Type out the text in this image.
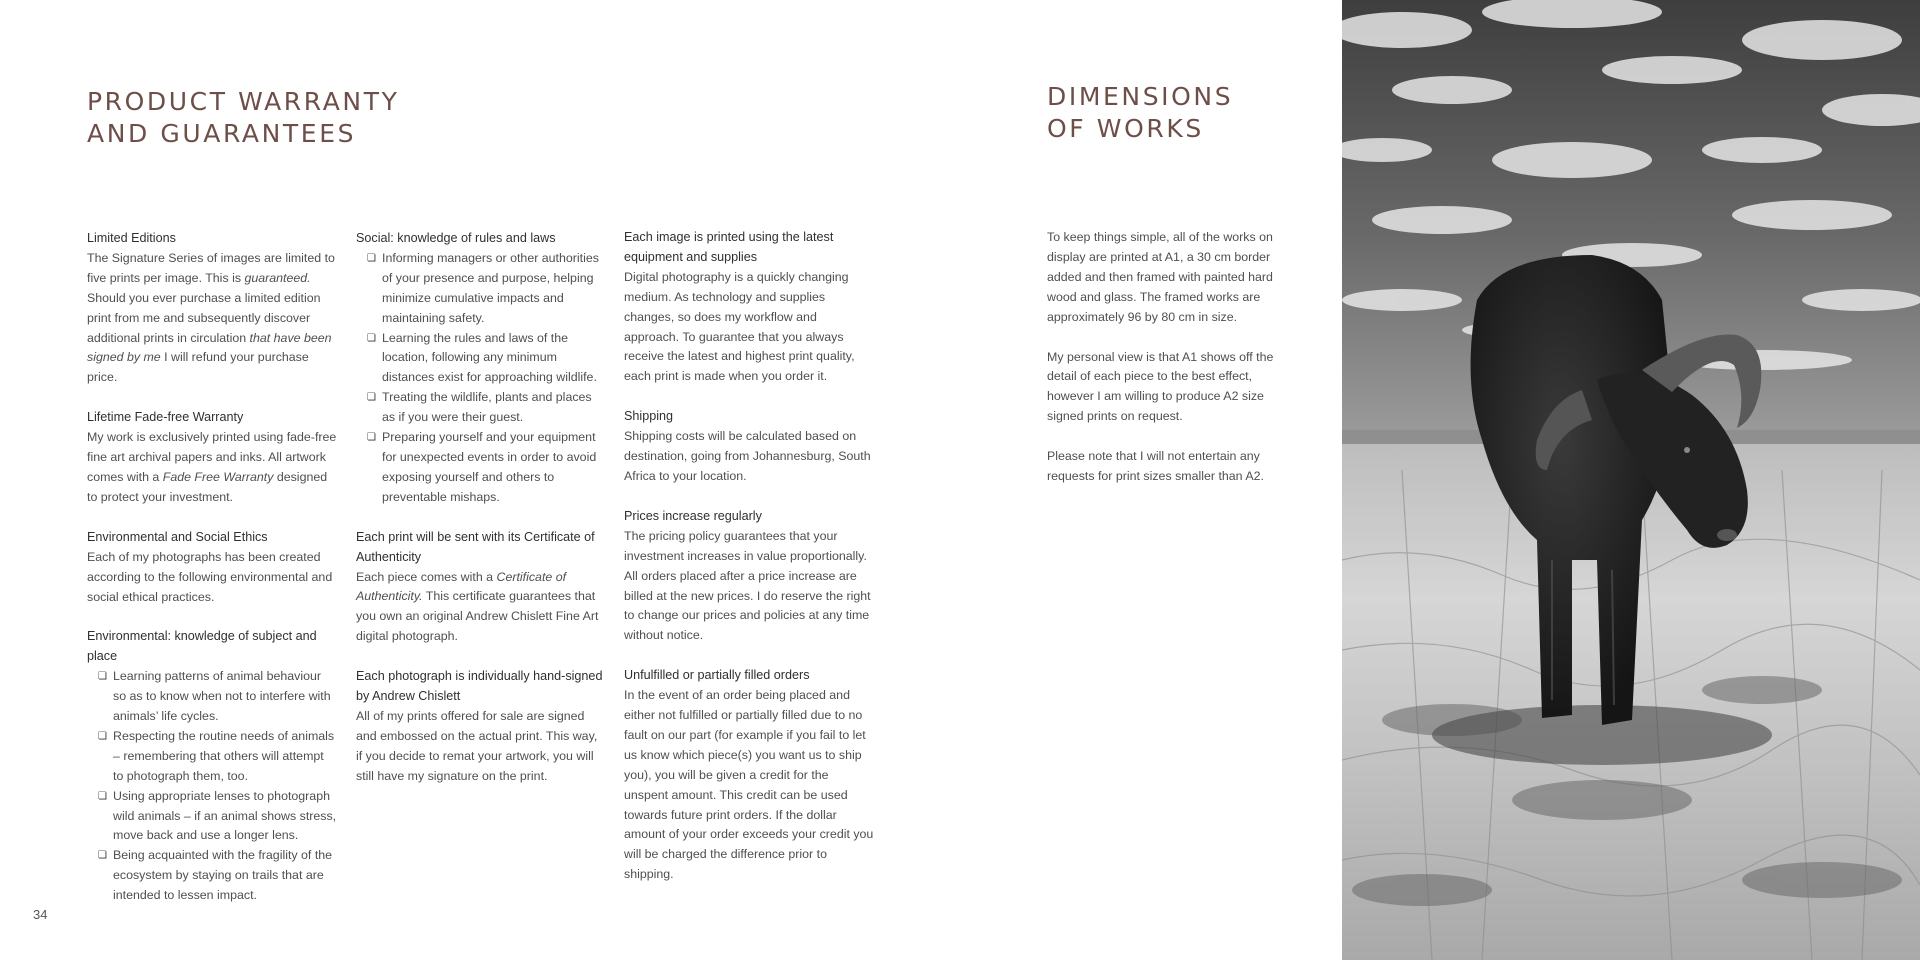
PRODUCT WARRANTY
AND GUARANTEES
DIMENSIONS
OF WORKS
Limited Editions

The Signature Series of images are limited to five prints per image. This is guaranteed. Should you ever purchase a limited edition print from me and subsequently discover additional prints in circulation that have been signed by me I will refund your purchase price.

Lifetime Fade-free Warranty

My work is exclusively printed using fade-free fine art archival papers and inks. All artwork comes with a Fade Free Warranty designed to protect your investment.

Environmental and Social Ethics

Each of my photographs has been created according to the following environmental and social ethical practices.

Environmental: knowledge of subject and place
❏ Learning patterns of animal behaviour so as to know when not to interfere with animals’ life cycles.
❏ Respecting the routine needs of animals – remembering that others will attempt to photograph them, too.
❏ Using appropriate lenses to photograph wild animals – if an animal shows stress, move back and use a longer lens.
❏ Being acquainted with the fragility of the ecosystem by staying on trails that are intended to lessen impact.
Social: knowledge of rules and laws
❏ Informing managers or other authorities of your presence and purpose, helping minimize cumulative impacts and maintaining safety.
❏ Learning the rules and laws of the location, following any minimum distances exist for approaching wildlife.
❏ Treating the wildlife, plants and places as if you were their guest.
❏ Preparing yourself and your equipment for unexpected events in order to avoid exposing yourself and others to preventable mishaps.
Each print will be sent with its Certificate of Authenticity

Each piece comes with a Certificate of Authenticity. This certificate guarantees that you own an original Andrew Chislett Fine Art digital photograph.

Each photograph is individually hand-signed by Andrew Chislett

All of my prints offered for sale are signed and embossed on the actual print. This way, if you decide to remat your artwork, you will still have my signature on the print.

Each image is printed using the latest equipment and supplies

Digital photography is a quickly changing medium. As technology and supplies changes, so does my workflow and approach. To guarantee that you always receive the latest and highest print quality, each print is made when you order it.

Shipping

Shipping costs will be calculated based on destination, going from Johannesburg, South Africa to your location.

Prices increase regularly

The pricing policy guarantees that your investment increases in value proportionally. All orders placed after a price increase are billed at the new prices. I do reserve the right to change our prices and policies at any time without notice.

Unfulfilled or partially filled orders

In the event of an order being placed and either not fulfilled or partially filled due to no fault on our part (for example if you fail to let us know which piece(s) you want us to ship you), you will be given a credit for the unspent amount. This credit can be used towards future print orders. If the dollar amount of your order exceeds your credit you will be charged the difference prior to shipping.

To keep things simple, all of the works on display are printed at A1, a 30 cm border added and then framed with painted hard wood and glass. The framed works are approximately 96 by 80 cm in size.

My personal view is that A1 shows off the detail of each piece to the best effect, however I am willing to produce A2 size signed prints on request.

Please note that I will not entertain any requests for print sizes smaller than A2.

34
